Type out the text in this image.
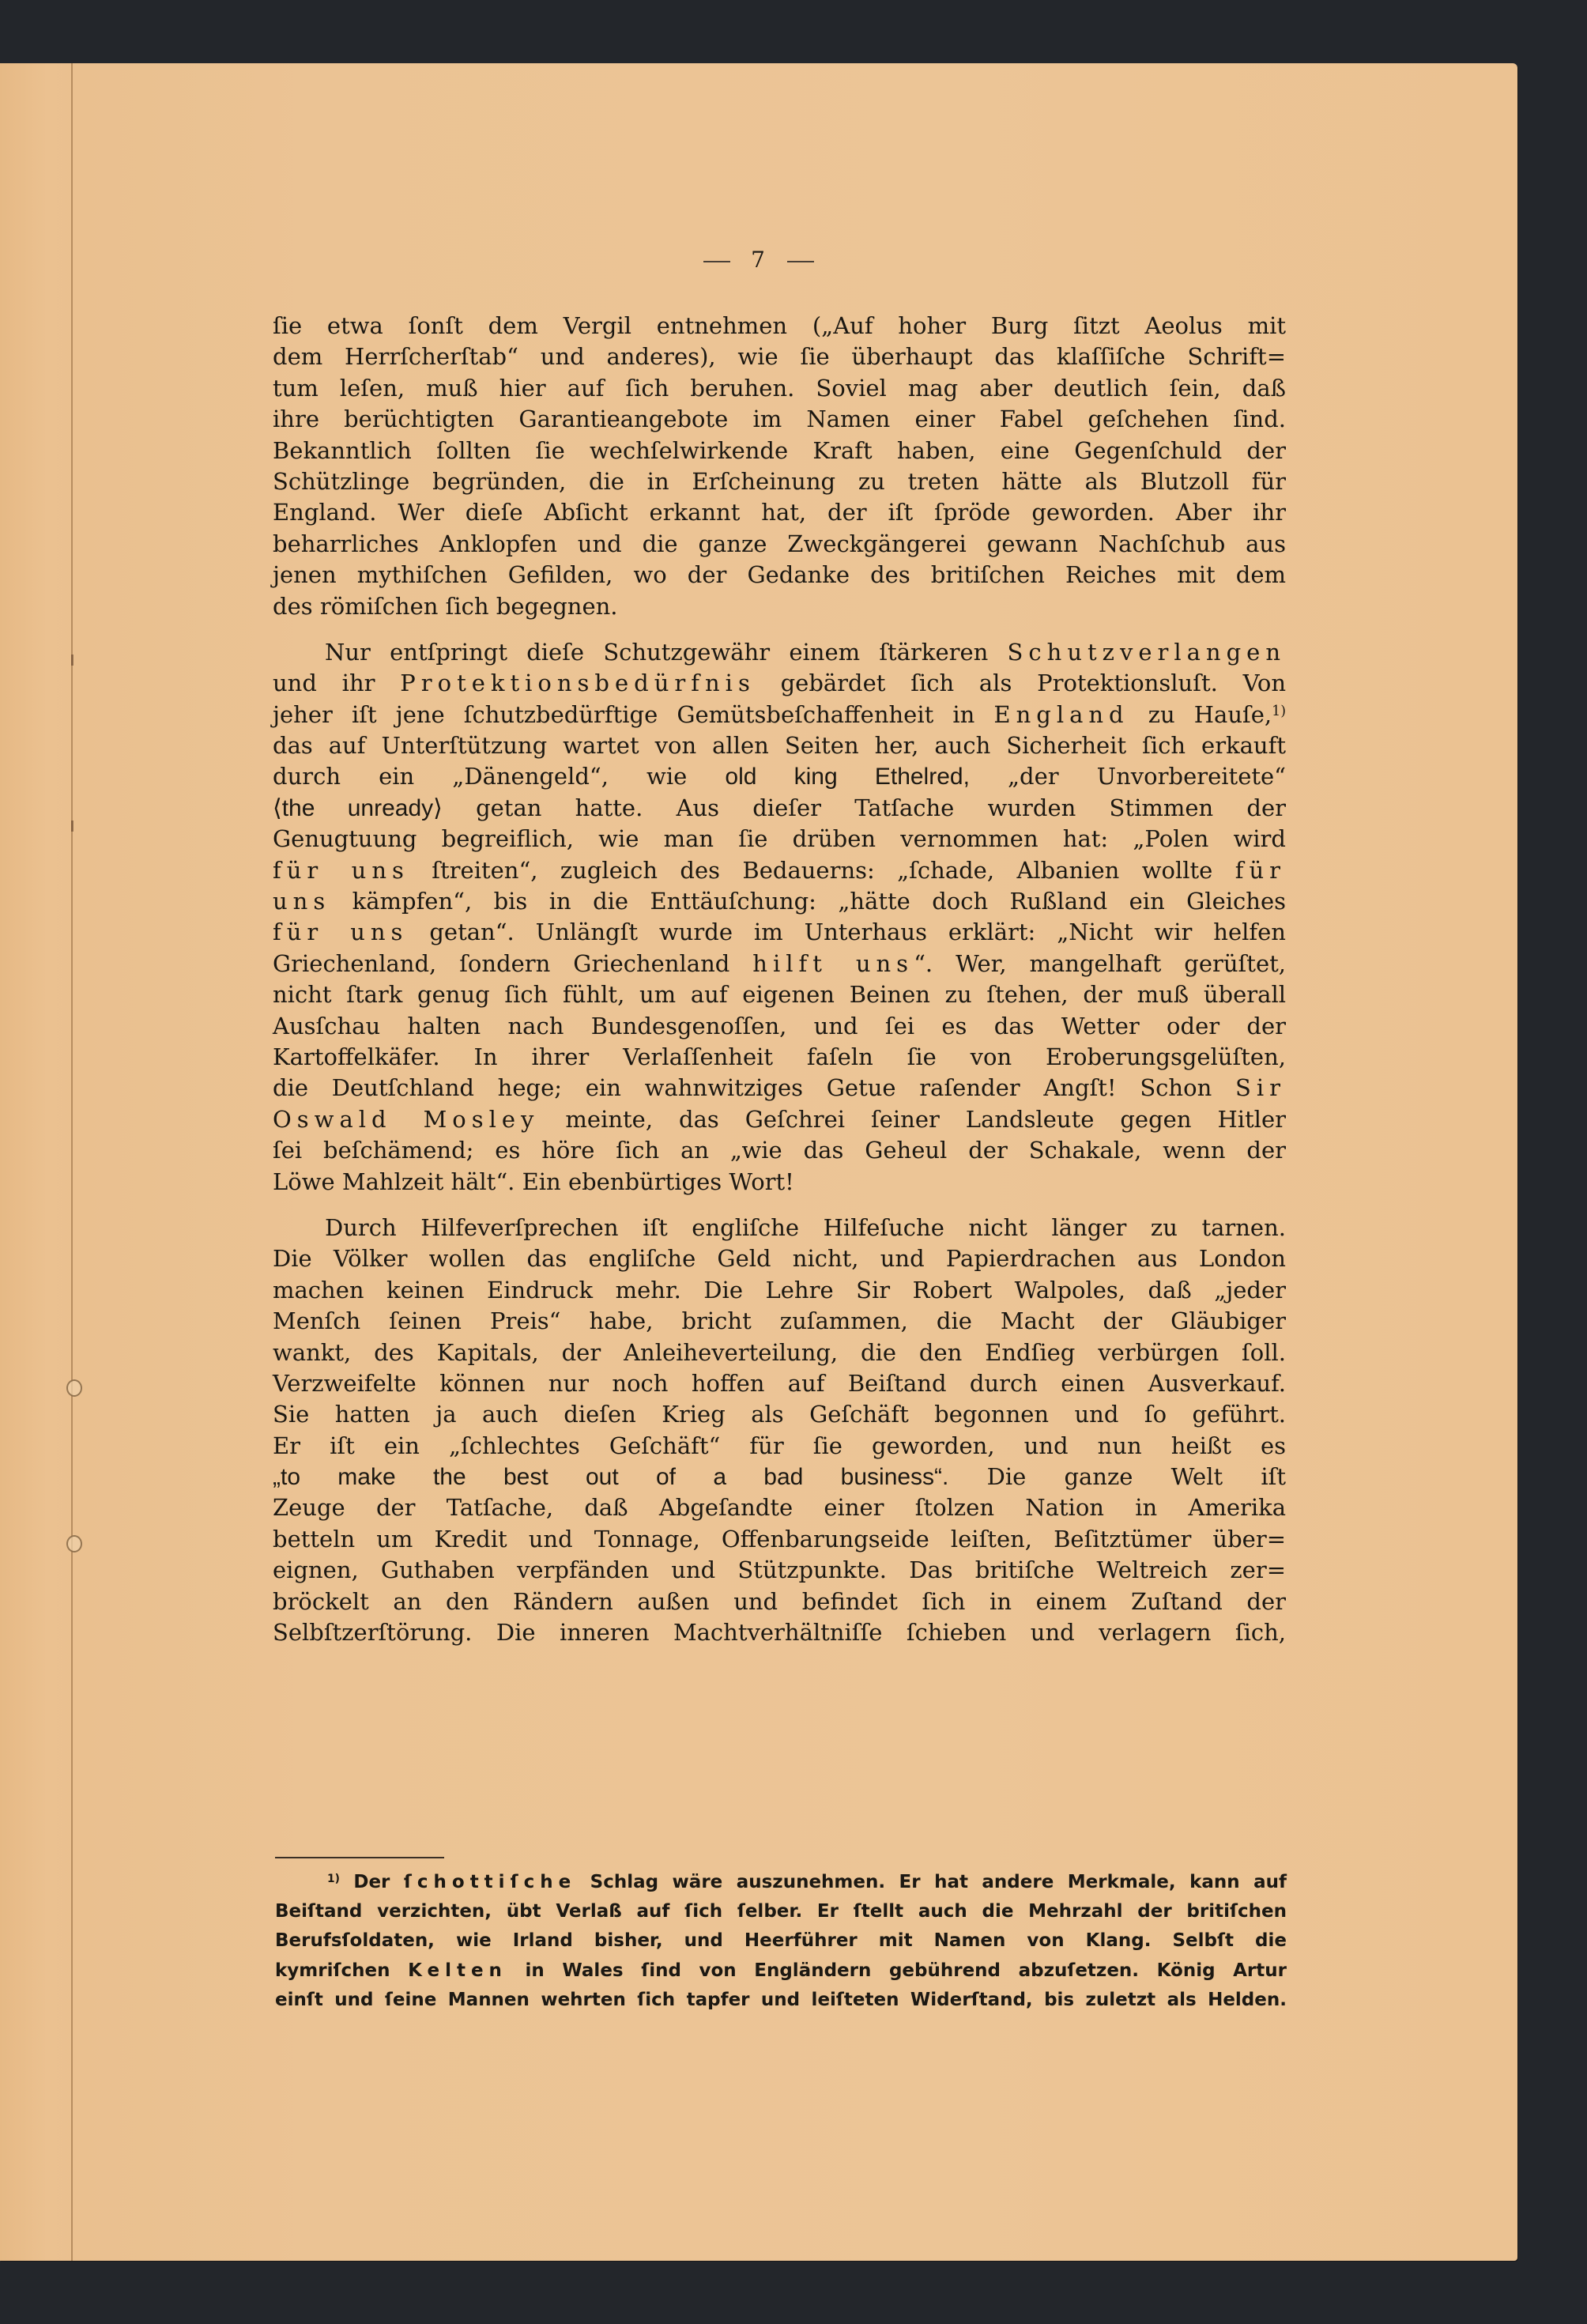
7
ſie etwa ſonſt dem Vergil entnehmen („Auf hoher Burg ſitzt Aeolus mit
dem Herrſcherſtab“ und anderes), wie ſie überhaupt das klaſſiſche Schrift=
tum leſen, muß hier auf ſich beruhen. Soviel mag aber deutlich ſein, daß
ihre berüchtigten Garantieangebote im Namen einer Fabel geſchehen ſind.
Bekanntlich ſollten ſie wechſelwirkende Kraft haben, eine Gegenſchuld der
Schützlinge begründen, die in Erſcheinung zu treten hätte als Blutzoll für
England. Wer dieſe Abſicht erkannt hat, der iſt ſpröde geworden. Aber ihr
beharrliches Anklopfen und die ganze Zweckgängerei gewann Nachſchub aus
jenen mythiſchen Gefilden, wo der Gedanke des britiſchen Reiches mit dem
des römiſchen ſich begegnen.
Nur entſpringt dieſe Schutzgewähr einem ſtärkeren Schutzverlangen
und ihr Protektionsbedürfnis gebärdet ſich als Protektionsluſt. Von
jeher iſt jene ſchutzbedürftige Gemütsbeſchaffenheit in England zu Hauſe,$^{1)}$
das auf Unterſtützung wartet von allen Seiten her, auch Sicherheit ſich erkauft
durch ein „Dänengeld“, wie old king Ethelred, „der Unvorbereitete“
⟨the unready⟩ getan hatte. Aus dieſer Tatſache wurden Stimmen der
Genugtuung begreiflich, wie man ſie drüben vernommen hat: „Polen wird
für uns ſtreiten“, zugleich des Bedauerns: „ſchade, Albanien wollte für
uns kämpfen“, bis in die Enttäuſchung: „hätte doch Rußland ein Gleiches
für uns getan“. Unlängſt wurde im Unterhaus erklärt: „Nicht wir helfen
Griechenland, ſondern Griechenland hilft uns“. Wer, mangelhaft gerüſtet,
nicht ſtark genug ſich fühlt, um auf eigenen Beinen zu ſtehen, der muß überall
Ausſchau halten nach Bundesgenoſſen, und ſei es das Wetter oder der
Kartoffelkäfer. In ihrer Verlaſſenheit faſeln ſie von Eroberungsgelüſten,
die Deutſchland hege; ein wahnwitziges Getue raſender Angſt! Schon Sir
Oswald Mosley meinte, das Geſchrei ſeiner Landsleute gegen Hitler
ſei beſchämend; es höre ſich an „wie das Geheul der Schakale, wenn der
Löwe Mahlzeit hält“. Ein ebenbürtiges Wort!
Durch Hilfeverſprechen iſt engliſche Hilfeſuche nicht länger zu tarnen.
Die Völker wollen das engliſche Geld nicht, und Papierdrachen aus London
machen keinen Eindruck mehr. Die Lehre Sir Robert Walpoles, daß „jeder
Menſch ſeinen Preis“ habe, bricht zuſammen, die Macht der Gläubiger
wankt, des Kapitals, der Anleiheverteilung, die den Endſieg verbürgen ſoll.
Verzweifelte können nur noch hoffen auf Beiſtand durch einen Ausverkauf.
Sie hatten ja auch dieſen Krieg als Geſchäft begonnen und ſo geführt.
Er iſt ein „ſchlechtes Geſchäft“ für ſie geworden, und nun heißt es
„to make the best out of a bad business“. Die ganze Welt iſt
Zeuge der Tatſache, daß Abgeſandte einer ſtolzen Nation in Amerika
betteln um Kredit und Tonnage, Offenbarungseide leiſten, Beſitztümer über=
eignen, Guthaben verpfänden und Stützpunkte. Das britiſche Weltreich zer=
bröckelt an den Rändern außen und befindet ſich in einem Zuſtand der
Selbſtzerſtörung. Die inneren Machtverhältniſſe ſchieben und verlagern ſich,
$^{1)}$ Der ſchottiſche Schlag wäre auszunehmen. Er hat andere Merkmale, kann auf
Beiſtand verzichten, übt Verlaß auf ſich ſelber. Er ſtellt auch die Mehrzahl der britiſchen
Berufsſoldaten, wie Irland bisher, und Heerführer mit Namen von Klang. Selbſt die
kymriſchen Kelten in Wales ſind von Engländern gebührend abzuſetzen. König Artur
einſt und ſeine Mannen wehrten ſich tapfer und leiſteten Widerſtand, bis zuletzt als Helden.
